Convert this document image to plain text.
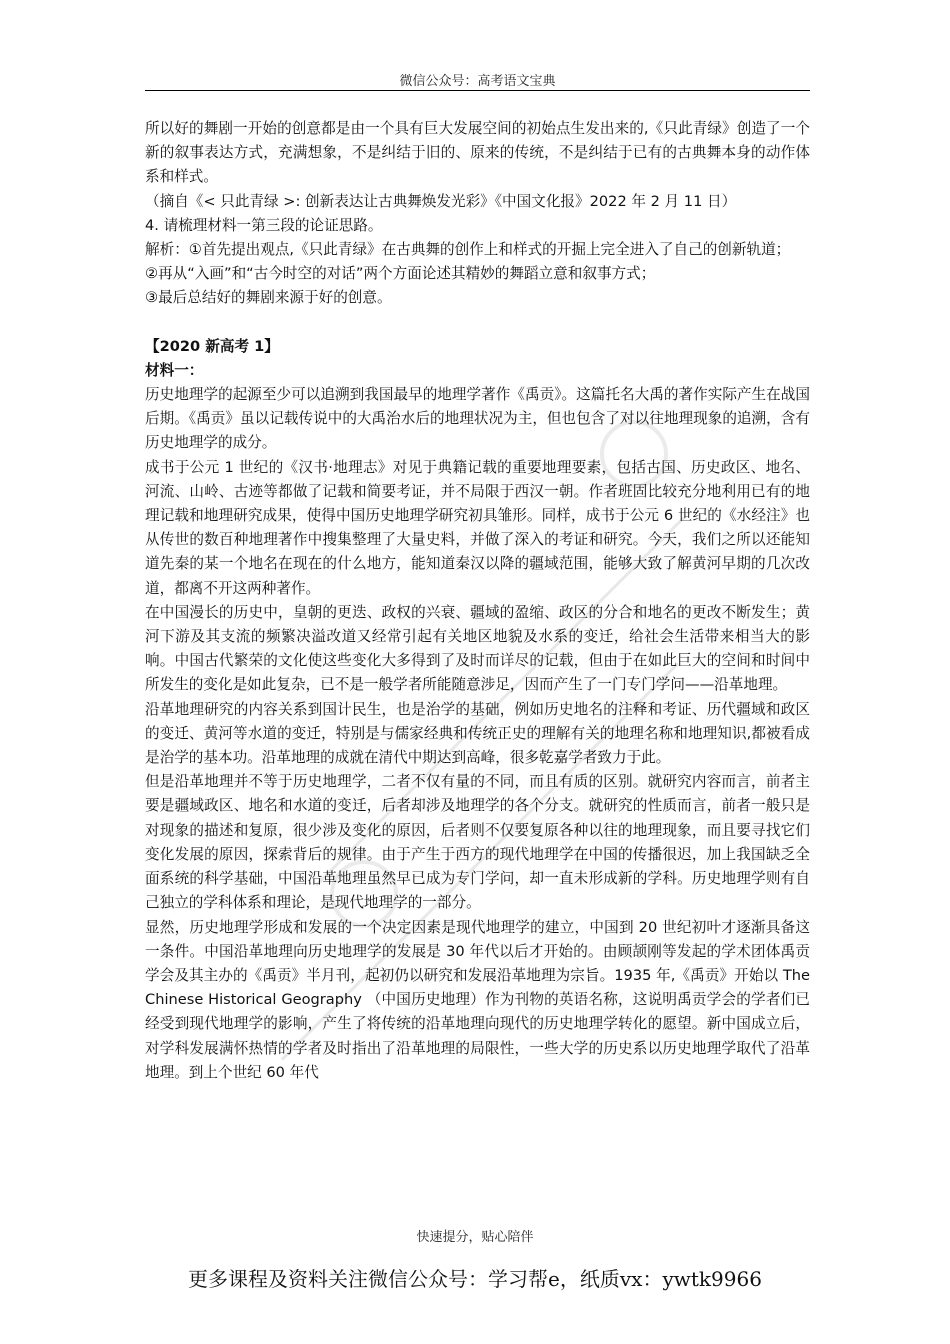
微信公众号：高考语文宝典

所以好的舞剧一开始的创意都是由一个具有巨大发展空间的初始点生发出来的,《只此青绿》创造了一个新的叙事表达方式，充满想象，不是纠结于旧的、原来的传统，不是纠结于已有的古典舞本身的动作体系和样式。

（摘自《< 只此青绿 >: 创新表达让古典舞焕发光彩》《中国文化报》2022 年 2 月 11 日）

4. 请梳理材料一第三段的论证思路。

解析：①首先提出观点,《只此青绿》在古典舞的创作上和样式的开掘上完全进入了自己的创新轨道；

②再从“入画”和“古今时空的对话”两个方面论述其精妙的舞蹈立意和叙事方式；

③最后总结好的舞剧来源于好的创意。

【2020 新高考 1】

材料一：

历史地理学的起源至少可以追溯到我国最早的地理学著作《禹贡》。这篇托名大禹的著作实际产生在战国后期。《禹贡》虽以记载传说中的大禹治水后的地理状况为主，但也包含了对以往地理现象的追溯，含有历史地理学的成分。

成书于公元 1 世纪的《汉书·地理志》对见于典籍记载的重要地理要素，包括古国、历史政区、地名、河流、山岭、古迹等都做了记载和简要考证，并不局限于西汉一朝。作者班固比较充分地利用已有的地理记载和地理研究成果，使得中国历史地理学研究初具雏形。同样，成书于公元 6 世纪的《水经注》也从传世的数百种地理著作中搜集整理了大量史料，并做了深入的考证和研究。今天，我们之所以还能知道先秦的某一个地名在现在的什么地方，能知道秦汉以降的疆域范围，能够大致了解黄河早期的几次改道，都离不开这两种著作。

在中国漫长的历史中，皇朝的更迭、政权的兴衰、疆域的盈缩、政区的分合和地名的更改不断发生；黄河下游及其支流的频繁决溢改道又经常引起有关地区地貌及水系的变迁，给社会生活带来相当大的影响。中国古代繁荣的文化使这些变化大多得到了及时而详尽的记载，但由于在如此巨大的空间和时间中所发生的变化是如此复杂，已不是一般学者所能随意涉足，因而产生了一门专门学问——沿革地理。

沿革地理研究的内容关系到国计民生，也是治学的基础，例如历史地名的注释和考证、历代疆域和政区的变迁、黄河等水道的变迁，特别是与儒家经典和传统正史的理解有关的地理名称和地理知识,都被看成是治学的基本功。沿革地理的成就在清代中期达到高峰，很多乾嘉学者致力于此。

但是沿革地理并不等于历史地理学，二者不仅有量的不同，而且有质的区别。就研究内容而言，前者主要是疆域政区、地名和水道的变迁，后者却涉及地理学的各个分支。就研究的性质而言，前者一般只是对现象的描述和复原，很少涉及变化的原因，后者则不仅要复原各种以往的地理现象，而且要寻找它们变化发展的原因，探索背后的规律。由于产生于西方的现代地理学在中国的传播很迟，加上我国缺乏全面系统的科学基础，中国沿革地理虽然早已成为专门学问，却一直未形成新的学科。历史地理学则有自己独立的学科体系和理论，是现代地理学的一部分。

显然，历史地理学形成和发展的一个决定因素是现代地理学的建立，中国到 20 世纪初叶才逐渐具备这一条件。中国沿革地理向历史地理学的发展是 30 年代以后才开始的。由顾颉刚等发起的学术团体禹贡学会及其主办的《禹贡》半月刊，起初仍以研究和发展沿革地理为宗旨。1935 年,《禹贡》开始以 The Chinese Historical Geography （中国历史地理）作为刊物的英语名称，这说明禹贡学会的学者们已经受到现代地理学的影响，产生了将传统的沿革地理向现代的历史地理学转化的愿望。新中国成立后，对学科发展满怀热情的学者及时指出了沿革地理的局限性，一些大学的历史系以历史地理学取代了沿革地理。到上个世纪 60 年代

快速提分，贴心陪伴
更多课程及资料关注微信公众号：学习帮e，纸质vx：ywtk9966
